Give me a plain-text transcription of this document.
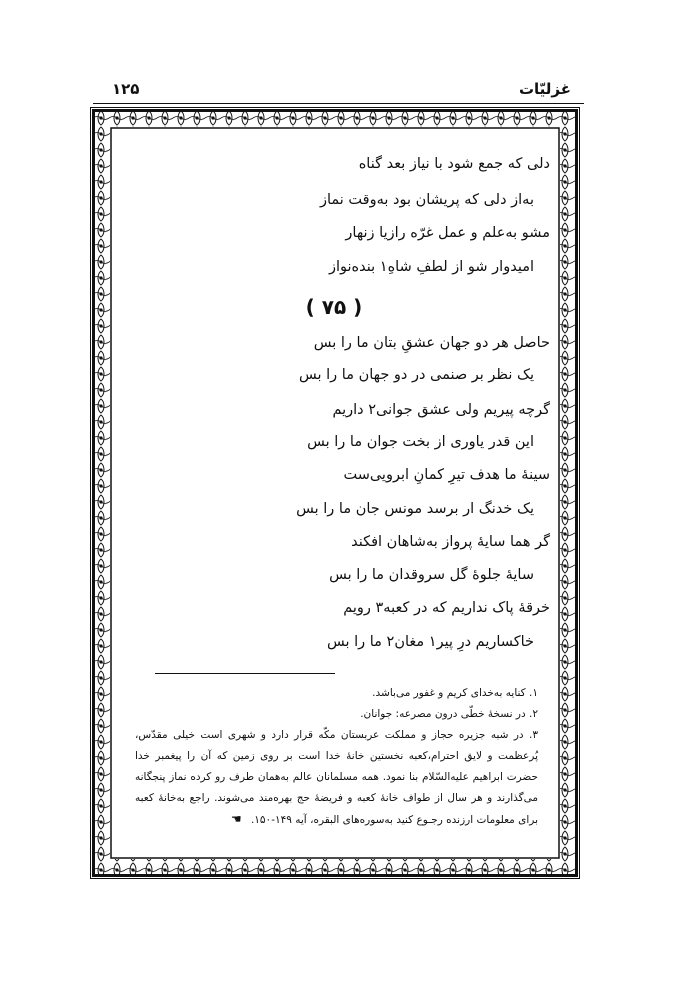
۱۲۵	غزلیّات
دلی که جمع شود با نیاز بعد گناه
به‌از دلی که پریشان بود به‌وقت نماز
مشو به‌علم و عمل غرّه رازیا زنهار
امیدوار شو از لطفِ شاهِ۱ بنده‌نواز
( ۷۵ )
حاصل هر دو جهان عشقِ بتان ما را بس
یک نظر بر صنمی در دو جهان ما را بس
گرچه پیریم ولی عشق جوانی۲ داریم
این قدر یاوری از بخت جوان ما را بس
سینهٔ ما هدف تیرِ کمانِ ابرویی‌ست
یک خدنگ ار برسد مونس جان ما را بس
گر هما سایهٔ پرواز به‌شاهان افکند
سایهٔ جلوهٔ گل سروقدان ما را بس
خرقهٔ پاک نداریم که در کعبه۳ رویم
خاکساریم درِ پیر۱ مغان۲ ما را بس

۱. کنایه به‌خدای کریم و غفور می‌باشد.

۲. در نسخهٔ خطّی درون مصرعه: جوانان.

۳. در شبه جزیره حجاز و مملکت عربستان مکّه قرار دارد و شهری است خیلی مقدّس، پُرعظمت و لایق احترام،کعبه نخستین خانهٔ خدا است بر روی زمین که آن را پیغمبر خدا حضرت ابراهیم علیه‌السّلام بنا نمود. همه مسلمانان عالم به‌همان طرف رو کرده نماز پنجگانه می‌گذارند و هر سال از طواف خانهٔ کعبه و فریضهٔ حج بهره‌مند می‌شوند. راجع به‌خانهٔ کعبه برای معلومات ارزنده رجـوع کنید به‌سوره‌های البقره، آیه ۱۴۹-۱۵۰. ☚
